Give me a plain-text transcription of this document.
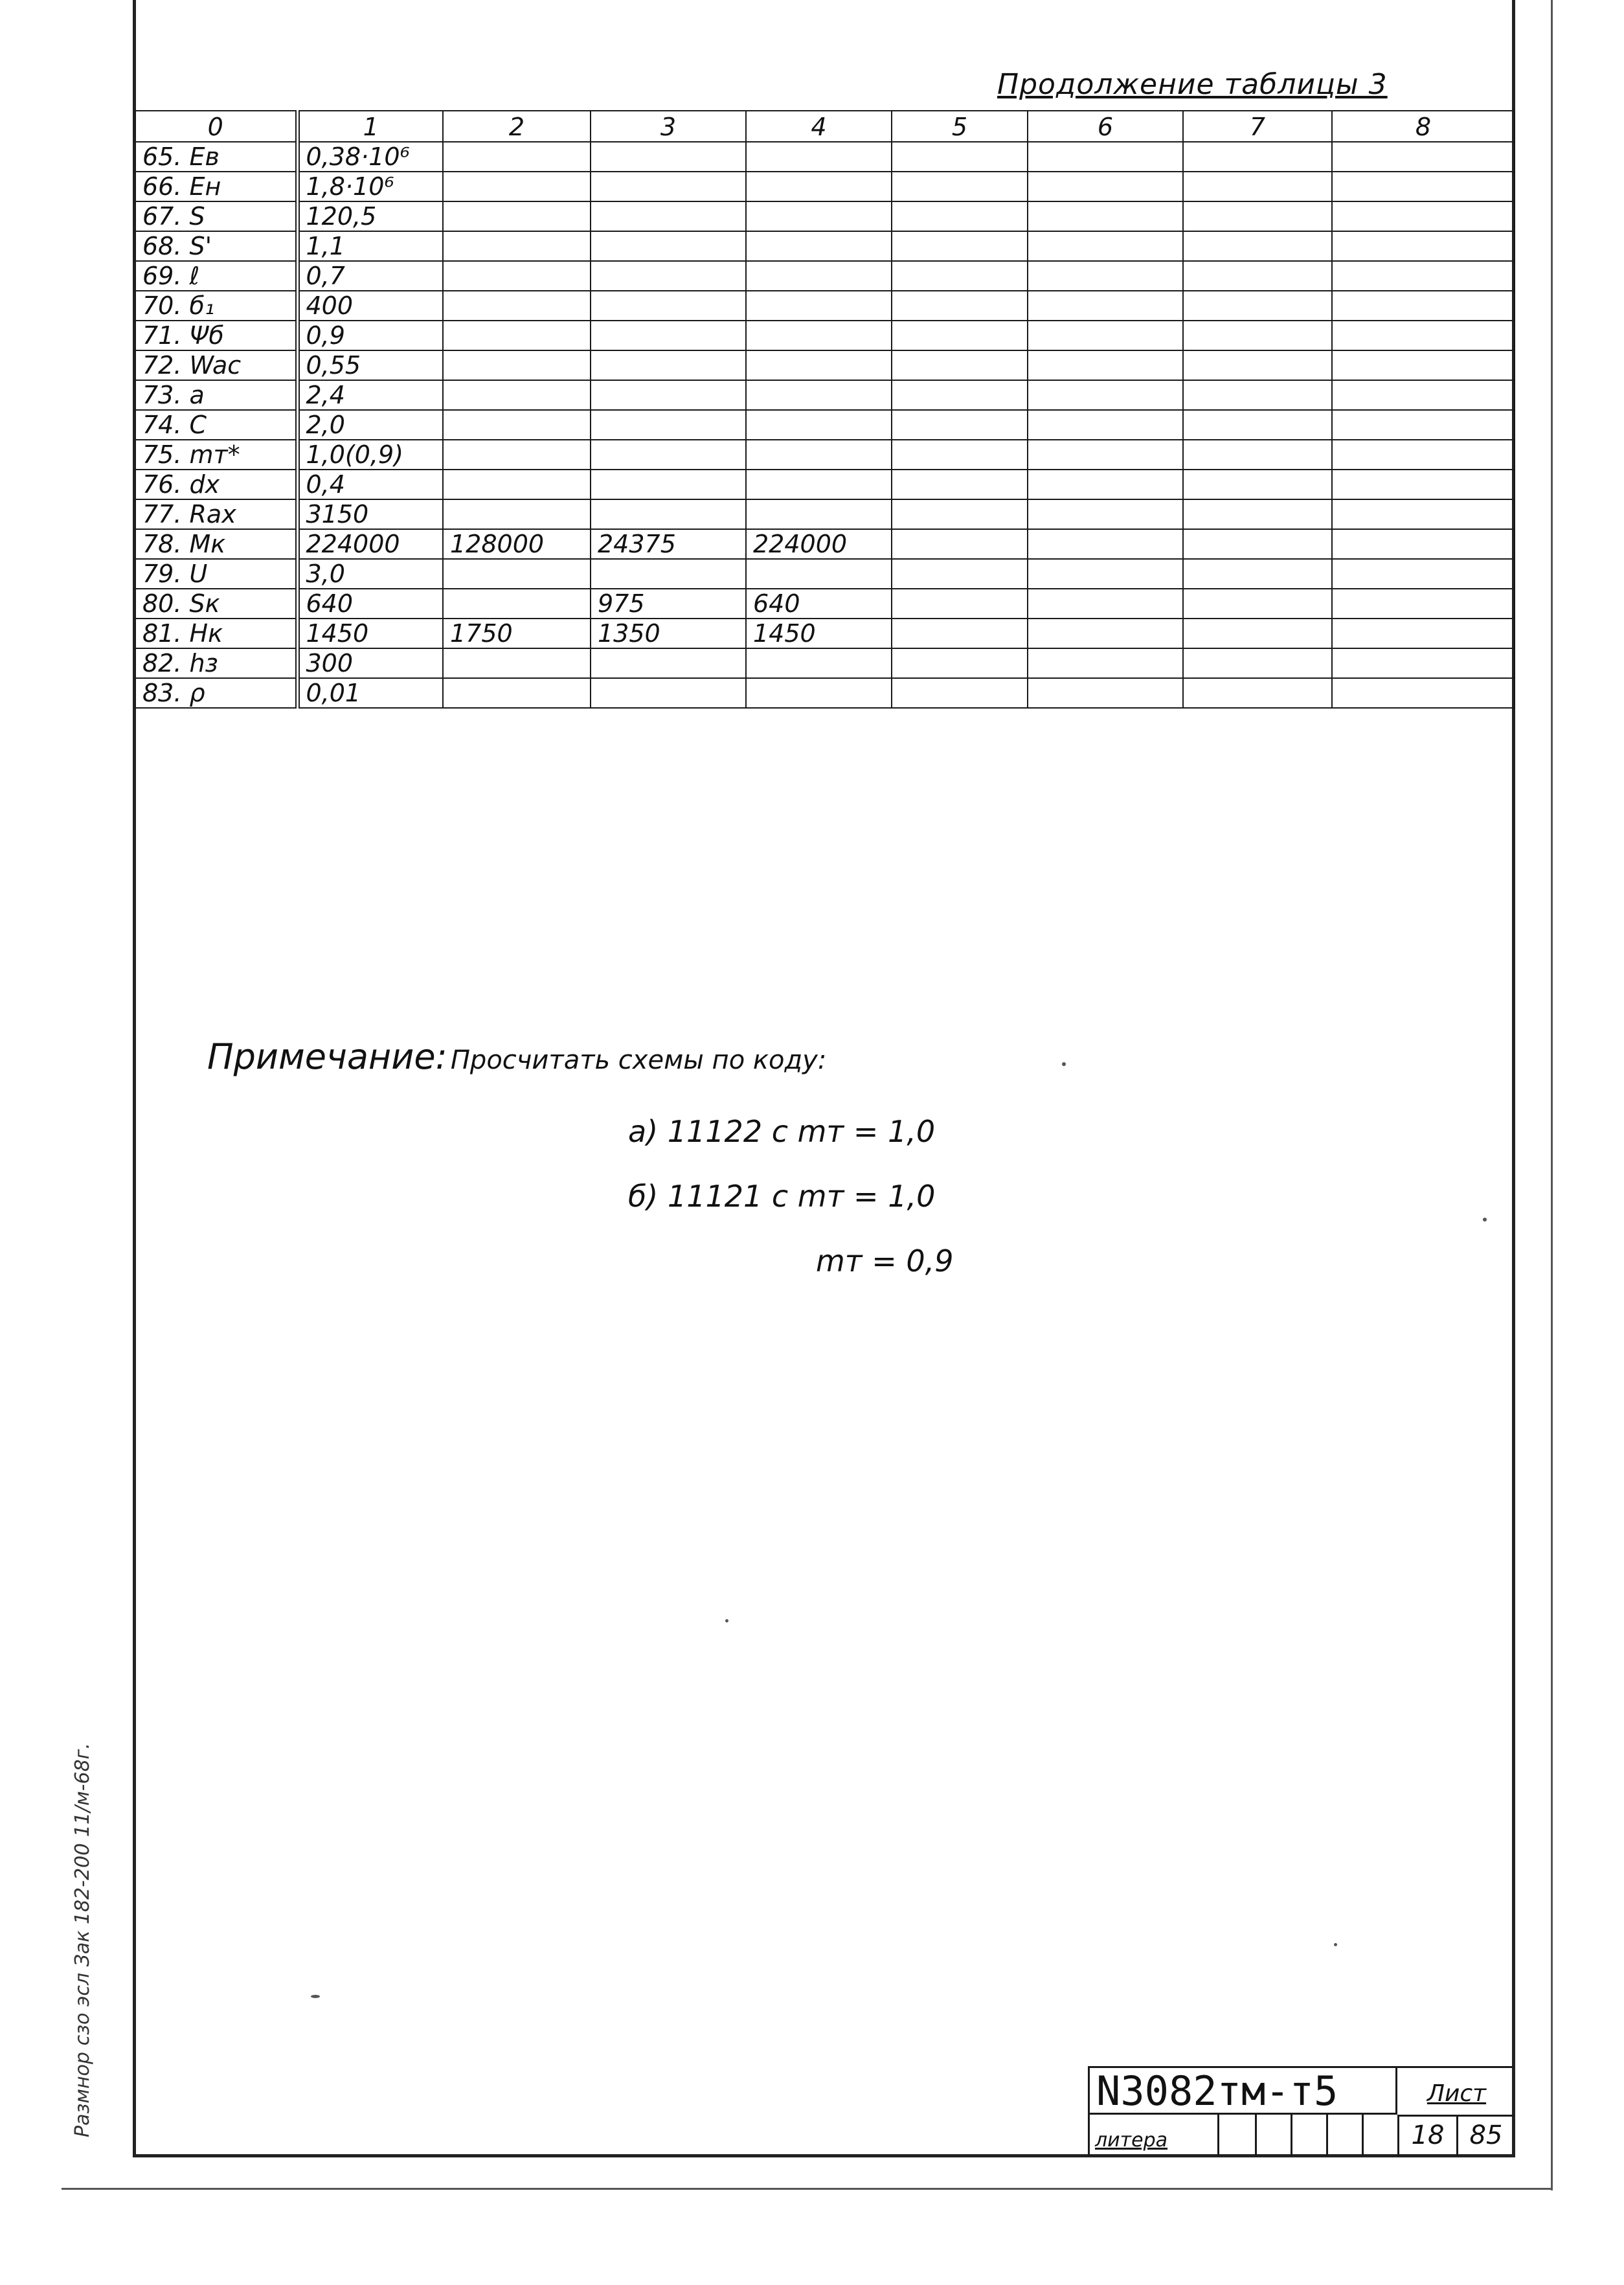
Продолжение таблицы 3
0	1	2	3	4	5	6	7	8
65. Eв	0,38·10⁶							
66. Eн	1,8·10⁶							
67. S	120,5							
68. S'	1,1							
69. ℓ	0,7							
70. б₁	400							
71. Ψб	0,9							
72. Wac	0,55							
73. a	2,4							
74. C	2,0							
75. mт*	1,0(0,9)							
76. dx	0,4							
77. Rax	3150							
78. Mк	224000	128000	24375	224000				
79. U	3,0							
80. Sк	640		975	640				
81. Hк	1450	1750	1350	1450				
82. hз	300							
83. ρ	0,01							
Примечание: Просчитать схемы по коду:
а) 11122 с mт = 1,0
б) 11121 с mт = 1,0
mт = 0,9
Размнор сзо эсл Зак 182-200 11/м-68г.	N3082тм-т5	Лист
литера	18 85
